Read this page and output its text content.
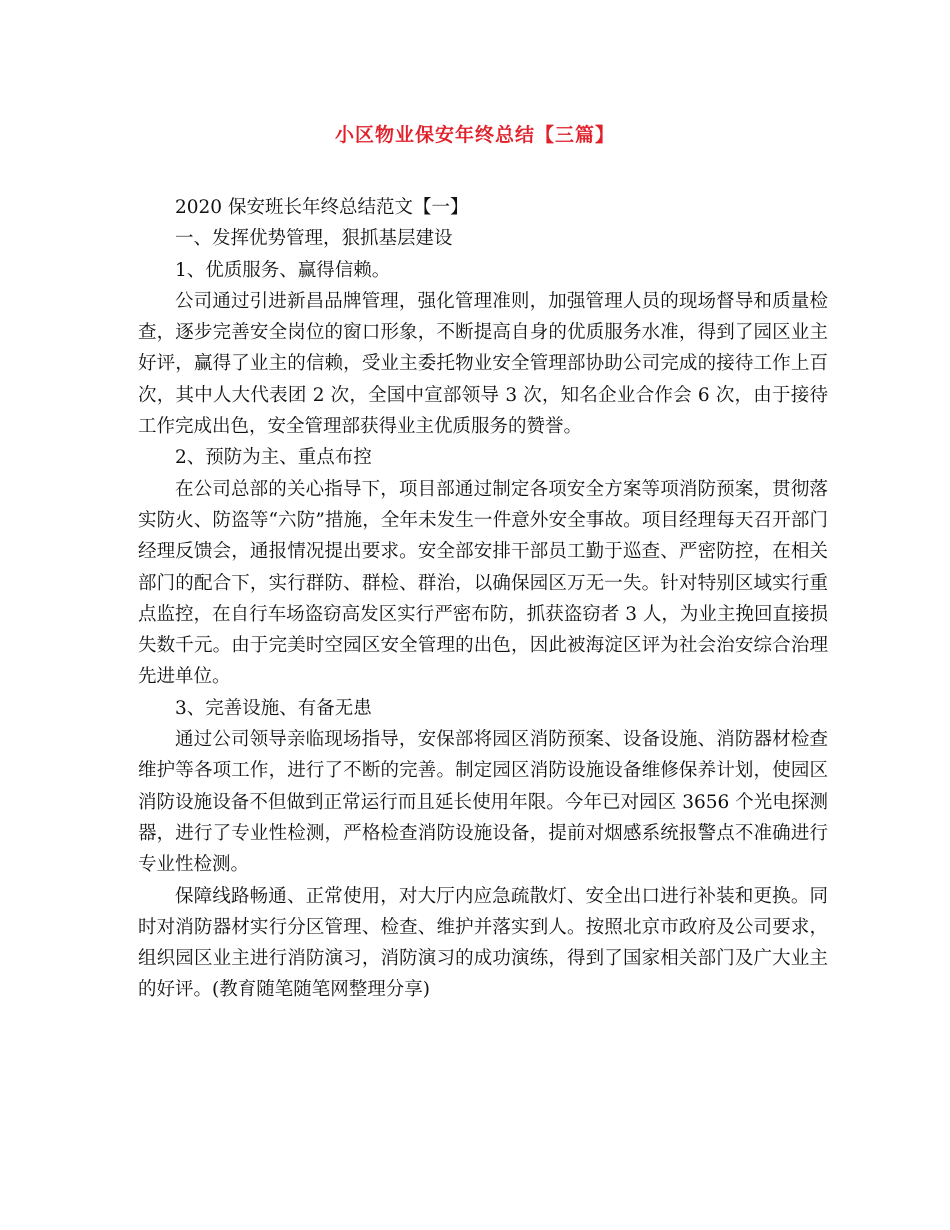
小区物业保安年终总结【三篇】

2020 保安班长年终总结范文【一】

一、发挥优势管理，狠抓基层建设

1、优质服务、赢得信赖。

公司通过引进新昌品牌管理，强化管理准则，加强管理人员的现场督导和质量检查，逐步完善安全岗位的窗口形象，不断提高自身的优质服务水准，得到了园区业主好评，赢得了业主的信赖，受业主委托物业安全管理部协助公司完成的接待工作上百次，其中人大代表团 2 次，全国中宣部领导 3 次，知名企业合作会 6 次，由于接待工作完成出色，安全管理部获得业主优质服务的赞誉。

2、预防为主、重点布控

在公司总部的关心指导下，项目部通过制定各项安全方案等项消防预案，贯彻落实防火、防盗等“六防”措施，全年未发生一件意外安全事故。项目经理每天召开部门经理反馈会，通报情况提出要求。安全部安排干部员工勤于巡查、严密防控，在相关部门的配合下，实行群防、群检、群治，以确保园区万无一失。针对特别区域实行重点监控，在自行车场盗窃高发区实行严密布防，抓获盗窃者 3 人，为业主挽回直接损失数千元。由于完美时空园区安全管理的出色，因此被海淀区评为社会治安综合治理先进单位。

3、完善设施、有备无患

通过公司领导亲临现场指导，安保部将园区消防预案、设备设施、消防器材检查维护等各项工作，进行了不断的完善。制定园区消防设施设备维修保养计划，使园区消防设施设备不但做到正常运行而且延长使用年限。今年已对园区 3656 个光电探测器，进行了专业性检测，严格检查消防设施设备，提前对烟感系统报警点不准确进行专业性检测。

保障线路畅通、正常使用，对大厅内应急疏散灯、安全出口进行补装和更换。同时对消防器材实行分区管理、检查、维护并落实到人。按照北京市政府及公司要求，组织园区业主进行消防演习，消防演习的成功演练，得到了国家相关部门及广大业主的好评。(教育随笔随笔网整理分享)
